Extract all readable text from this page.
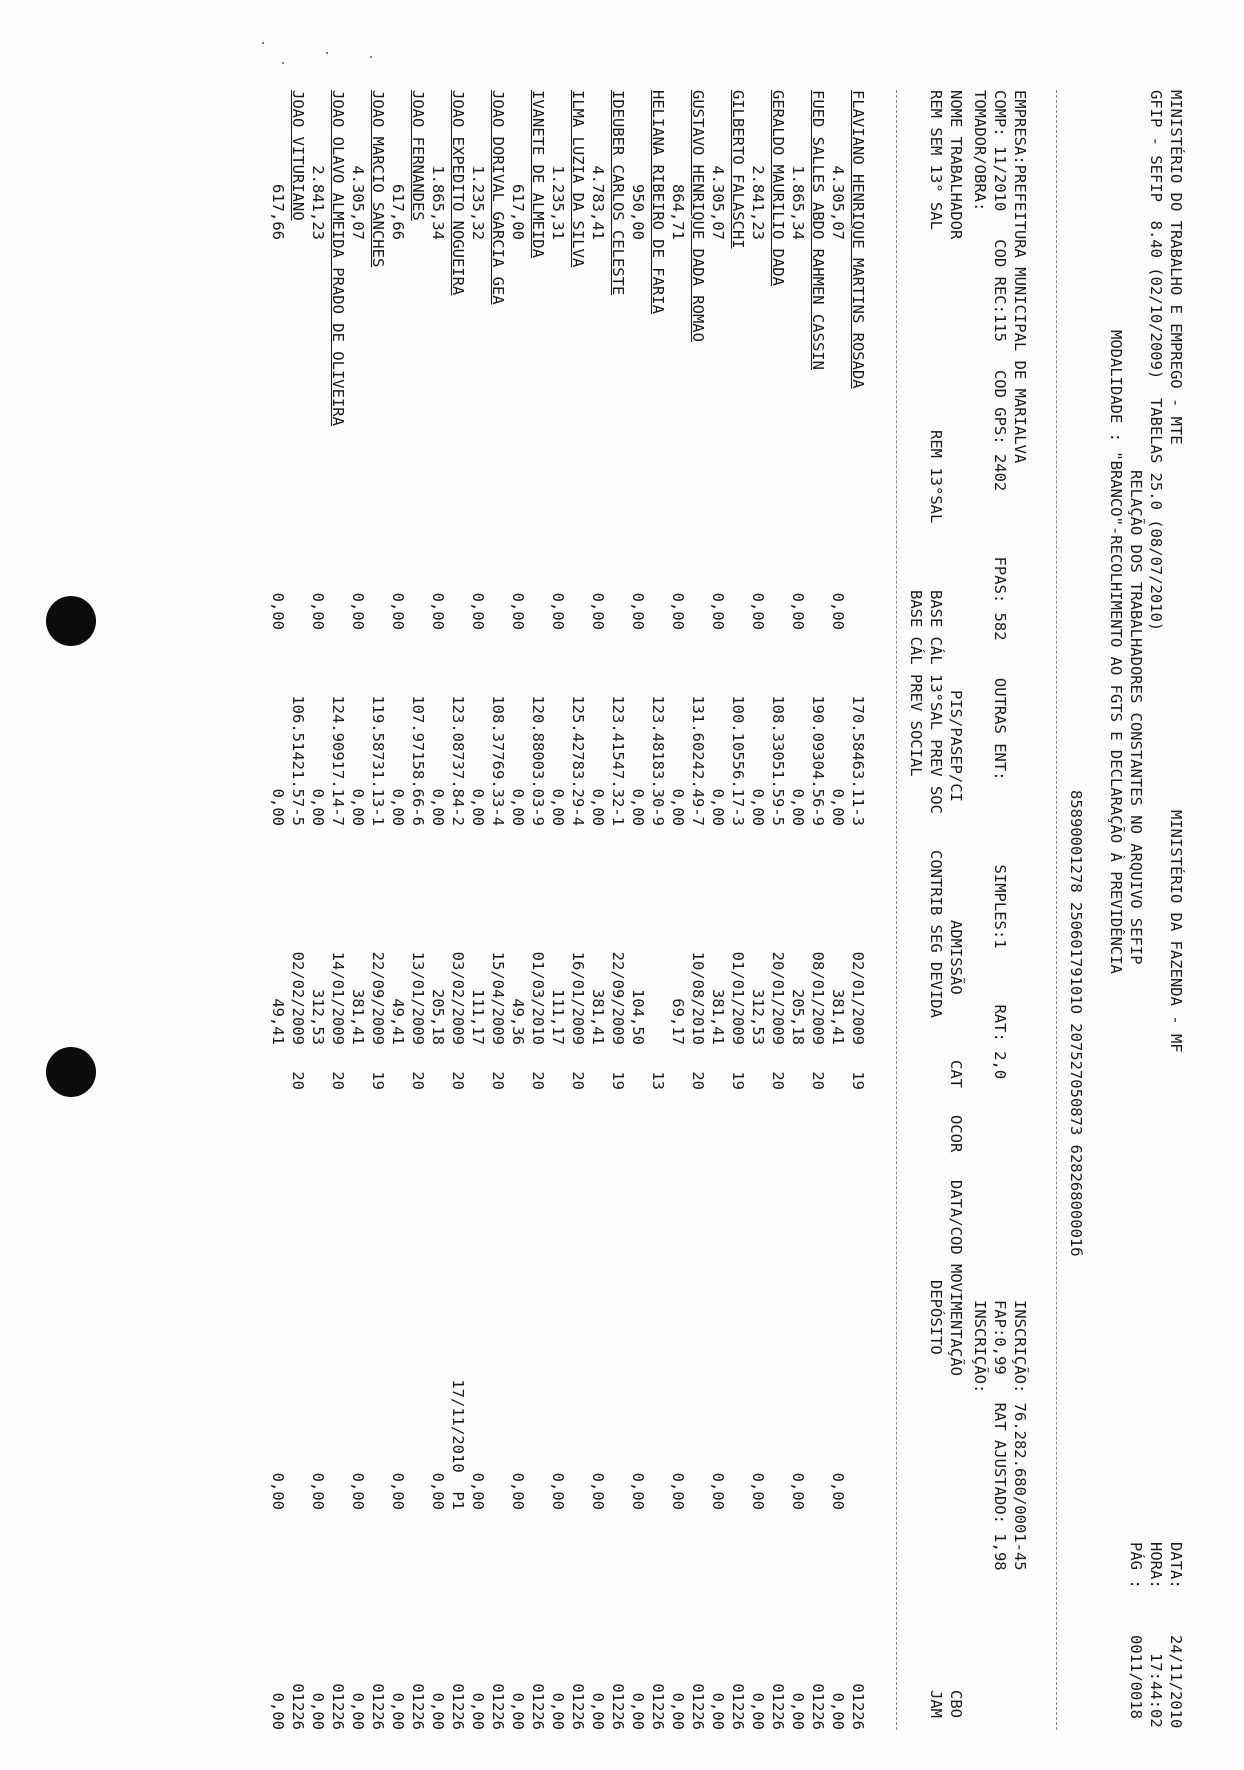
MINISTÉRIO DO TRABALHO E EMPREGO - MTE

MINISTÉRIO DA FAZENDA - MF

DATA:

24/11/2010

GFIP - SEFIP  8.40 (02/10/2009)  TABELAS 25.0 (08/07/2010)

HORA:

17:44:02

RELAÇÃO DOS TRABALHADORES CONSTANTES NO ARQUIVO SEFIP

PÁG :

0011/0018

MODALIDADE : "BRANCO"-RECOLHIMENTO AO FGTS E DECLARAÇÃO À PREVIDÊNCIA

85890001278 25060179101O 20752705087З 62826800001б

EMPRESA:PREFEITURA MUNICIPAL DE MARIALVA

INSCRIÇÃO: 76.282.680/0001-45

COMP: 11/2010   COD REC:115   COD GPS: 2402       FPAS: 582    OUTRAS ENT:         SIMPLES:1      RAT: 2,0

FAP:0,99   RAT AJUSTADO: 1,98

TOMADOR/OBRA:

INSCRIÇÃO:

NOME TRABALHADOR

PIS/PASEP/CI

ADMISSÃO

CAT

OCOR

DATA/COD MOVIMENTAÇÃO

CBO

REM SEM 13° SAL

REM 13°SAL

BASE CÁL 13°SAL PREV SOC

CONTRIB SEG DEVIDA

DEPÓSITO

JAM

BASE CÁL PREV SOCIAL

FLAVIANO HENRIQUE MARTINS ROSADA
170.58463.11-3
02/01/2009
19
01226
4.305,07
0,00
0,00
381,41
0,00
0,00
FUED SALLES ABDO RAHMEN CASSIN
190.09304.56-9
08/01/2009
20
01226
1.865,34
0,00
0,00
205,18
0,00
0,00
GERALDO MAURILIO DADA
108.33051.59-5
20/01/2009
20
01226
2.841,23
0,00
0,00
312,53
0,00
0,00
GILBERTO FALASCHI
100.10556.17-3
01/01/2009
19
01226
4.305,07
0,00
0,00
381,41
0,00
0,00
GUSTAVO HENRIQUE DADA ROMAO
131.60242.49-7
10/08/2010
20
01226
864,71
0,00
0,00
69,17
0,00
0,00
HELIANA RIBEIRO DE FARIA
123.48183.30-9
13
01226
950,00
0,00
0,00
104,50
0,00
0,00
IDEUBER CARLOS CELESTE
123.41547.32-1
22/09/2009
19
01226
4.783,41
0,00
0,00
381,41
0,00
0,00
ILMA LUZIA DA SILVA
125.42783.29-4
16/01/2009
20
01226
1.235,31
0,00
0,00
111,17
0,00
0,00
IVANETE DE ALMEIDA
120.88003.03-9
01/03/2010
20
01226
617,00
0,00
0,00
49,36
0,00
0,00
JOAO DORIVAL GARCIA GEA
108.37769.33-4
15/04/2009
20
01226
1.235,32
0,00
0,00
111,17
0,00
0,00
JOAO EXPEDITO NOGUEIRA
123.08737.84-2
03/02/2009
20
17/11/2010  P1
01226
1.865,34
0,00
0,00
205,18
0,00
0,00
JOAO FERNANDES
107.97158.66-6
13/01/2009
20
01226
617,66
0,00
0,00
49,41
0,00
0,00
JOAO MARCIO SANCHES
119.58731.13-1
22/09/2009
19
01226
4.305,07
0,00
0,00
381,41
0,00
0,00
JOAO OLAVO ALMEIDA PRADO DE OLIVEIRA
124.90917.14-7
14/01/2009
20
01226
2.841,23
0,00
0,00
312,53
0,00
0,00
JOAO VITURIANO
106.51421.57-5
02/02/2009
20
01226
617,66
0,00
0,00
49,41
0,00
0,00
